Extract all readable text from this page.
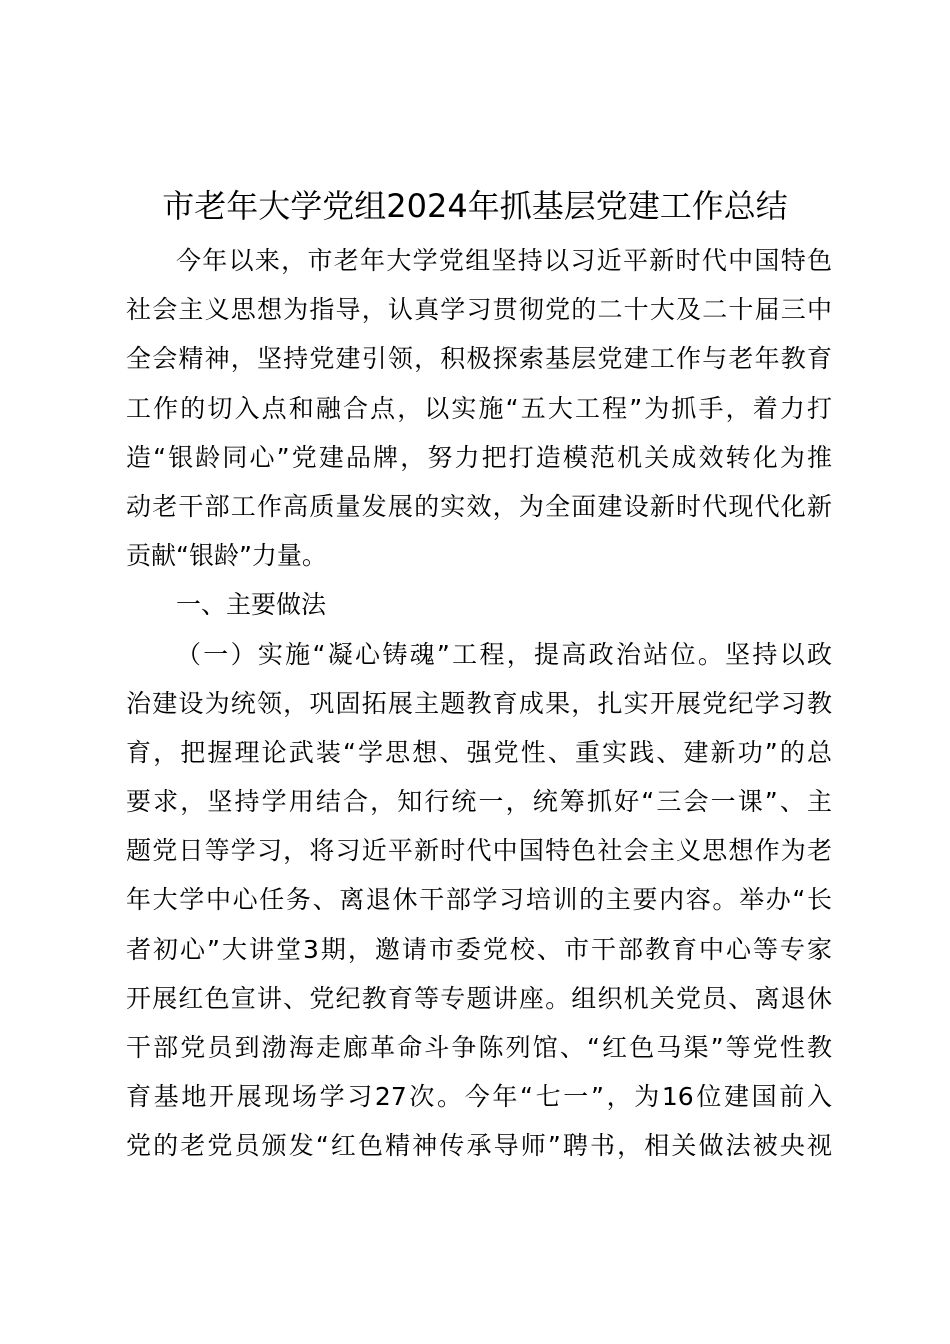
市老年大学党组2024年抓基层党建工作总结
今年以来，市老年大学党组坚持以习近平新时代中国特色
社会主义思想为指导，认真学习贯彻党的二十大及二十届三中
全会精神，坚持党建引领，积极探索基层党建工作与老年教育
工作的切入点和融合点，以实施“五大工程”为抓手，着力打
造“银龄同心”党建品牌，努力把打造模范机关成效转化为推
动老干部工作高质量发展的实效，为全面建设新时代现代化新
贡献“银龄”力量。
一、主要做法
（一）实施“凝心铸魂”工程，提高政治站位。坚持以政
治建设为统领，巩固拓展主题教育成果，扎实开展党纪学习教
育，把握理论武装“学思想、强党性、重实践、建新功”的总
要求，坚持学用结合，知行统一，统筹抓好“三会一课”、主
题党日等学习，将习近平新时代中国特色社会主义思想作为老
年大学中心任务、离退休干部学习培训的主要内容。举办“长
者初心”大讲堂3期，邀请市委党校、市干部教育中心等专家
开展红色宣讲、党纪教育等专题讲座。组织机关党员、离退休
干部党员到渤海走廊革命斗争陈列馆、“红色马渠”等党性教
育基地开展现场学习27次。今年“七一”，为16位建国前入
党的老党员颁发“红色精神传承导师”聘书，相关做法被央视
